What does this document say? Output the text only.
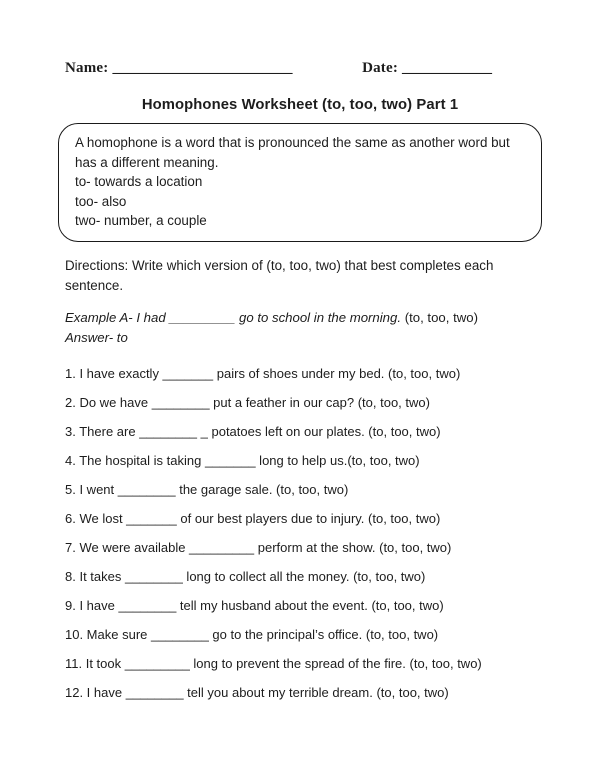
Name: ________________________	Date: ____________
Homophones Worksheet (to, too, two) Part 1
A homophone is a word that is pronounced the same as another word but has a different meaning.
to- towards a location
too- also
two- number, a couple
Directions: Write which version of (to, too, two) that best completes each sentence.
Example A- I had _________ go to school in the morning. (to, too, two)
Answer- to
1. I have exactly _______ pairs of shoes under my bed. (to, too, two)
2. Do we have ________ put a feather in our cap? (to, too, two)
3. There are ________ _ potatoes left on our plates. (to, too, two)
4. The hospital is taking _______ long to help us.(to, too, two)
5. I went ________ the garage sale. (to, too, two)
6. We lost _______ of our best players due to injury. (to, too, two)
7. We were available _________ perform at the show. (to, too, two)
8. It takes ________ long to collect all the money. (to, too, two)
9. I have ________ tell my husband about the event. (to, too, two)
10. Make sure ________ go to the principal’s office. (to, too, two)
11. It took _________ long to prevent the spread of the fire. (to, too, two)
12. I have ________ tell you about my terrible dream. (to, too, two)
